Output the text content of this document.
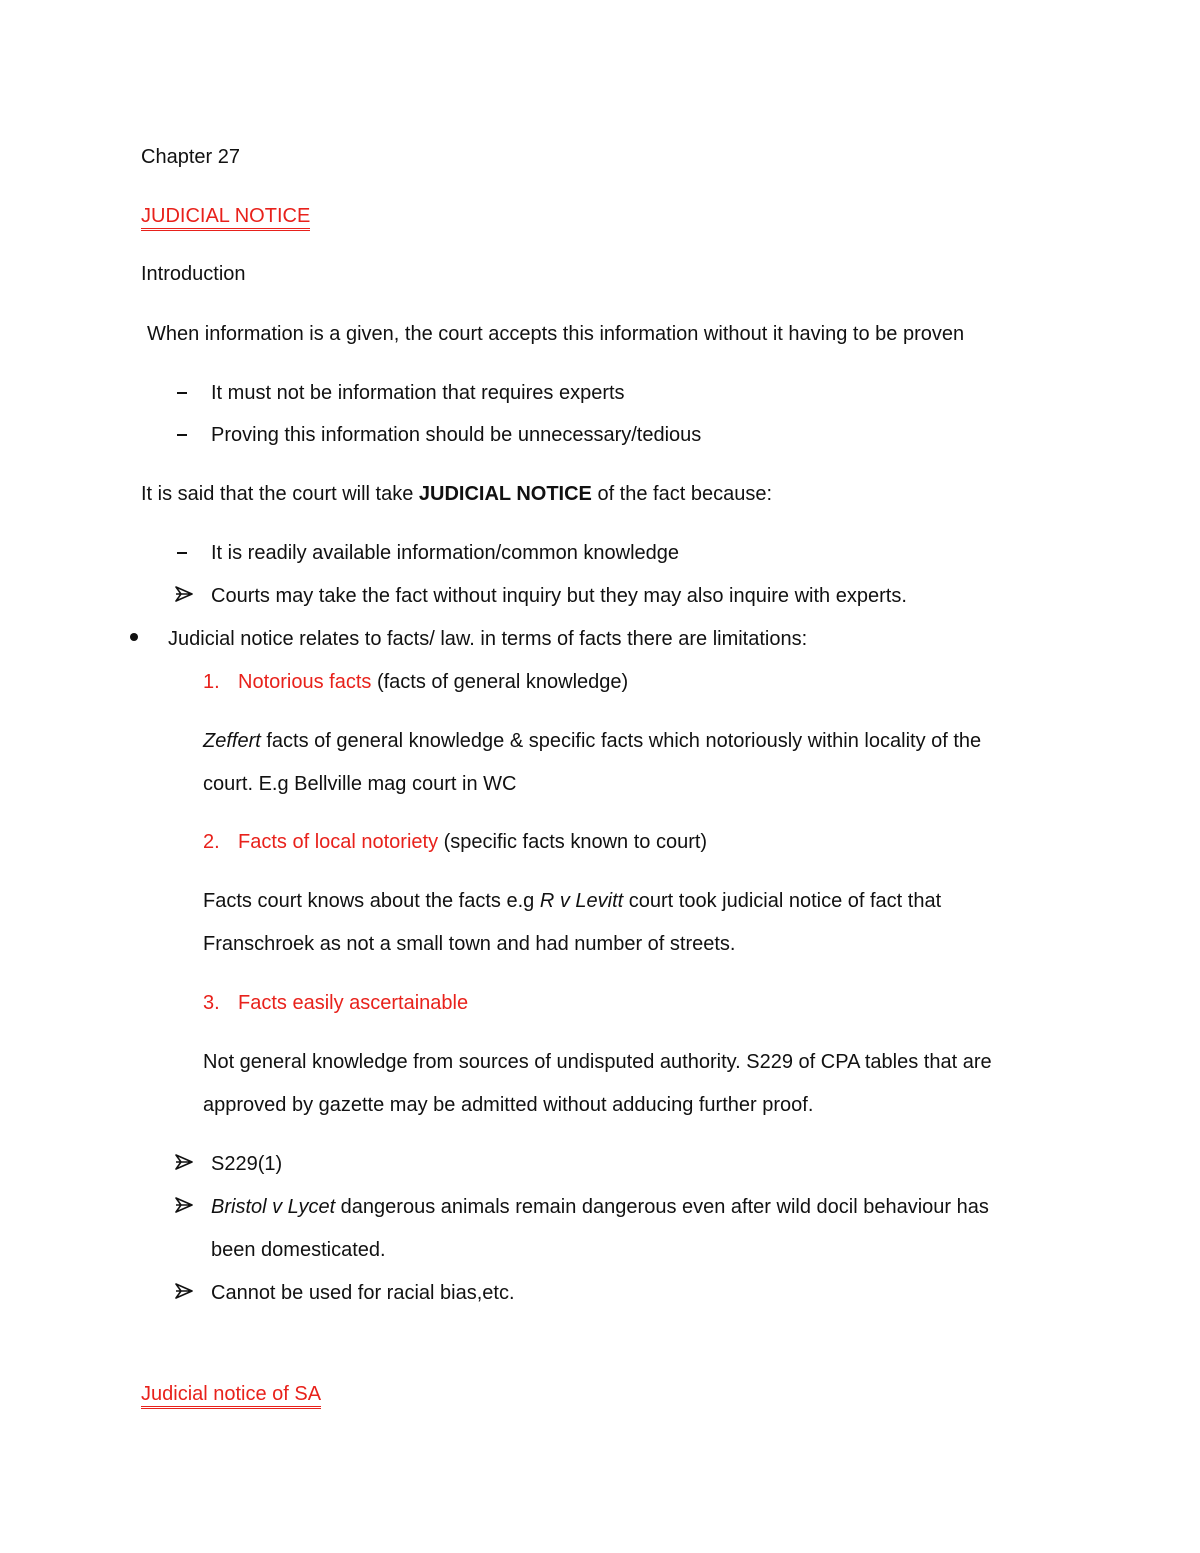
Chapter 27
JUDICIAL NOTICE
Introduction
When information is a given, the court accepts this information without it having to be proven
It must not be information that requires experts
Proving this information should be unnecessary/tedious
It is said that the court will take JUDICIAL NOTICE of the fact because:
It is readily available information/common knowledge
Courts may take the fact without inquiry but they may also inquire with experts.
Judicial notice relates to facts/ law. in terms of facts there are limitations:
1. Notorious facts (facts of general knowledge)
Zeffert facts of general knowledge & specific facts which notoriously within locality of the
court. E.g Bellville mag court in WC
2. Facts of local notoriety (specific facts known to court)
Facts court knows about the facts e.g R v Levitt court took judicial notice of fact that
Franschroek as not a small town and had number of streets.
3. Facts easily ascertainable
Not general knowledge from sources of undisputed authority. S229 of CPA tables that are
approved by gazette may be admitted without adducing further proof.
S229(1)
Bristol v Lycet dangerous animals remain dangerous even after wild docil behaviour has
been domesticated.
Cannot be used for racial bias,etc.
Judicial notice of SA
